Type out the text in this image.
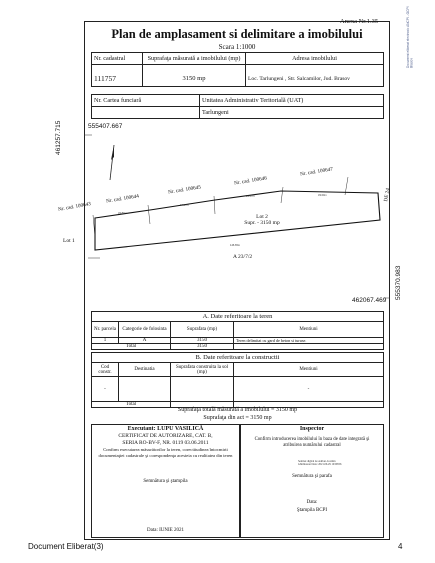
Document eliberat electronic ANCPI - OCPI Brasov
Anexa Nr.1.35
Plan de amplasament si delimitare a imobilului
Scara 1:1000
Nr. cadastral	Suprafaţa măsurată a imobilului (mp)	Adresa imobilului
111757	3150 mp	Loc. Tarlungeni , Str. Salcamilor, Jud. Brasov
Nr. Cartea funciară	Unitatea Administrativ Teritorială (UAT)
	Tarlungeni
33.87m
34.87m
33.67m	33.00m
146.65m
555407.667
461257.715
555370.983
462067.469
Nr. cad. 100643
Nr. cad. 100644
Nr. cad. 100645
Nr. cad. 100646
Nr. cad. 100647
DE 24
Lot 2
Supr. - 3150 mp
A 23/7/2
Lot 1
A. Date referitoare la teren			
Nr. parcela	Categorie de folosinta	Suprafata (mp)	Mentiuni
1	A	3150	Teren delimitat cu gard de beton si turuse.
Total		3150	
B. Date referitoare la constructii			
Cod constr.	Destinatia	Suprafata construita la sol (mp)	Mentiuni
-			-
Total			
Suprafaţa totală măsurată a imobilului = 3150 mp
Suprafaţa din act = 3150 mp
Executant: LUPU VASILICĂ
CERTIFICAT DE AUTORIZARE, CAT. B,
SERIA RO-BV-F, NR. 0119 03.06.2011
Confirm executarea măsurătorilor la teren, corectitudinea întocmirii documentaţiei cadastrale şi corespondenţa acesteia cu realitatea din teren
Semnătura şi ştampila
Data: IUNIE 2021
Inspector
Confirm introducerea imobilului în baza de date integrată şi atribuirea numărului cadastral
Semnat digital de Adrian-Cosmin Ghimbasan Data: 2021.06.29 10:08:06
Semnătura şi parafa
Data:
Ştampila BCPI
Document Eliberat(3)	4
